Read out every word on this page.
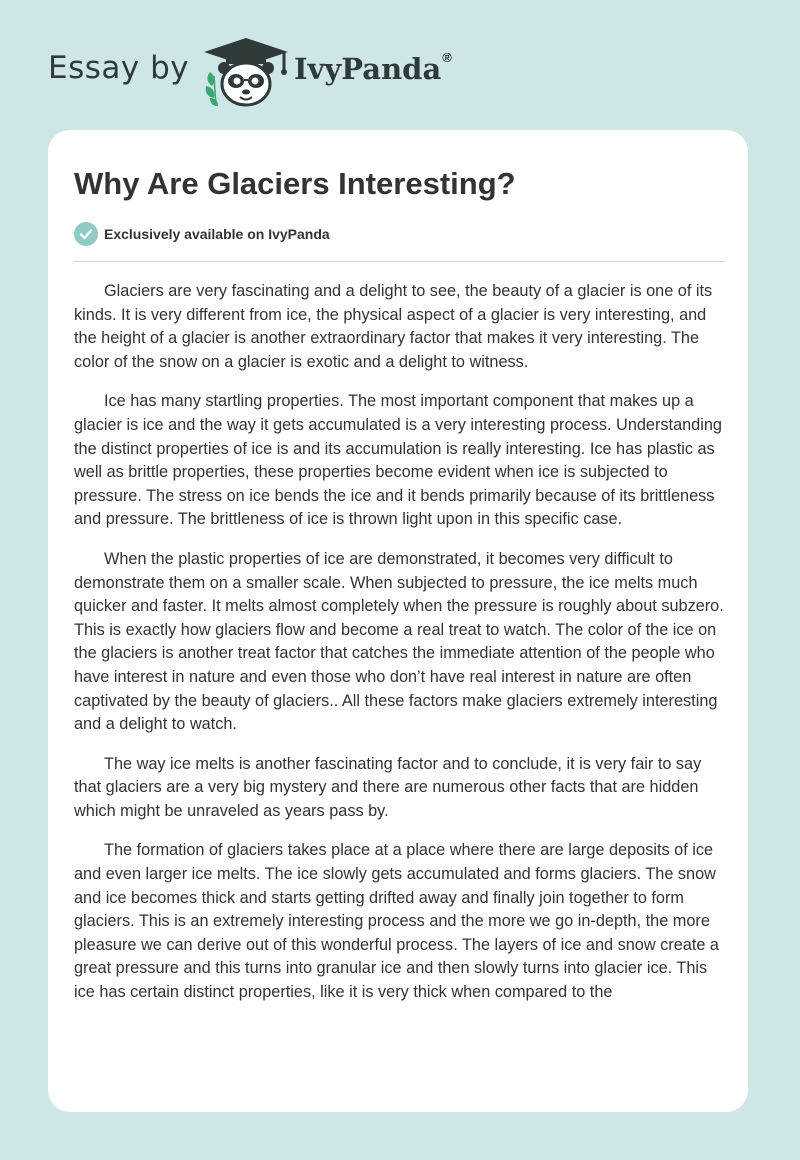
Essay by	IvyPanda®
Why Are Glaciers Interesting?
Exclusively available on IvyPanda

Glaciers are very fascinating and a delight to see, the beauty of a glacier is one of its kinds. It is very different from ice, the physical aspect of a glacier is very interesting, and the height of a glacier is another extraordinary factor that makes it very interesting. The color of the snow on a glacier is exotic and a delight to witness.

Ice has many startling properties. The most important component that makes up a glacier is ice and the way it gets accumulated is a very interesting process. Understanding the distinct properties of ice is and its accumulation is really interesting. Ice has plastic as well as brittle properties, these properties become evident when ice is subjected to pressure. The stress on ice bends the ice and it bends primarily because of its brittleness and pressure. The brittleness of ice is thrown light upon in this specific case.

When the plastic properties of ice are demonstrated, it becomes very difficult to demonstrate them on a smaller scale. When subjected to pressure, the ice melts much quicker and faster. It melts almost completely when the pressure is roughly about subzero. This is exactly how glaciers flow and become a real treat to watch. The color of the ice on the glaciers is another treat factor that catches the immediate attention of the people who have interest in nature and even those who don’t have real interest in nature are often captivated by the beauty of glaciers.. All these factors make glaciers extremely interesting and a delight to watch.

The way ice melts is another fascinating factor and to conclude, it is very fair to say that glaciers are a very big mystery and there are numerous other facts that are hidden which might be unraveled as years pass by.

The formation of glaciers takes place at a place where there are large deposits of ice and even larger ice melts. The ice slowly gets accumulated and forms glaciers. The snow and ice becomes thick and starts getting drifted away and finally join together to form glaciers. This is an extremely interesting process and the more we go in-depth, the more pleasure we can derive out of this wonderful process. The layers of ice and snow create a great pressure and this turns into granular ice and then slowly turns into glacier ice. This ice has certain distinct properties, like it is very thick when compared to the
